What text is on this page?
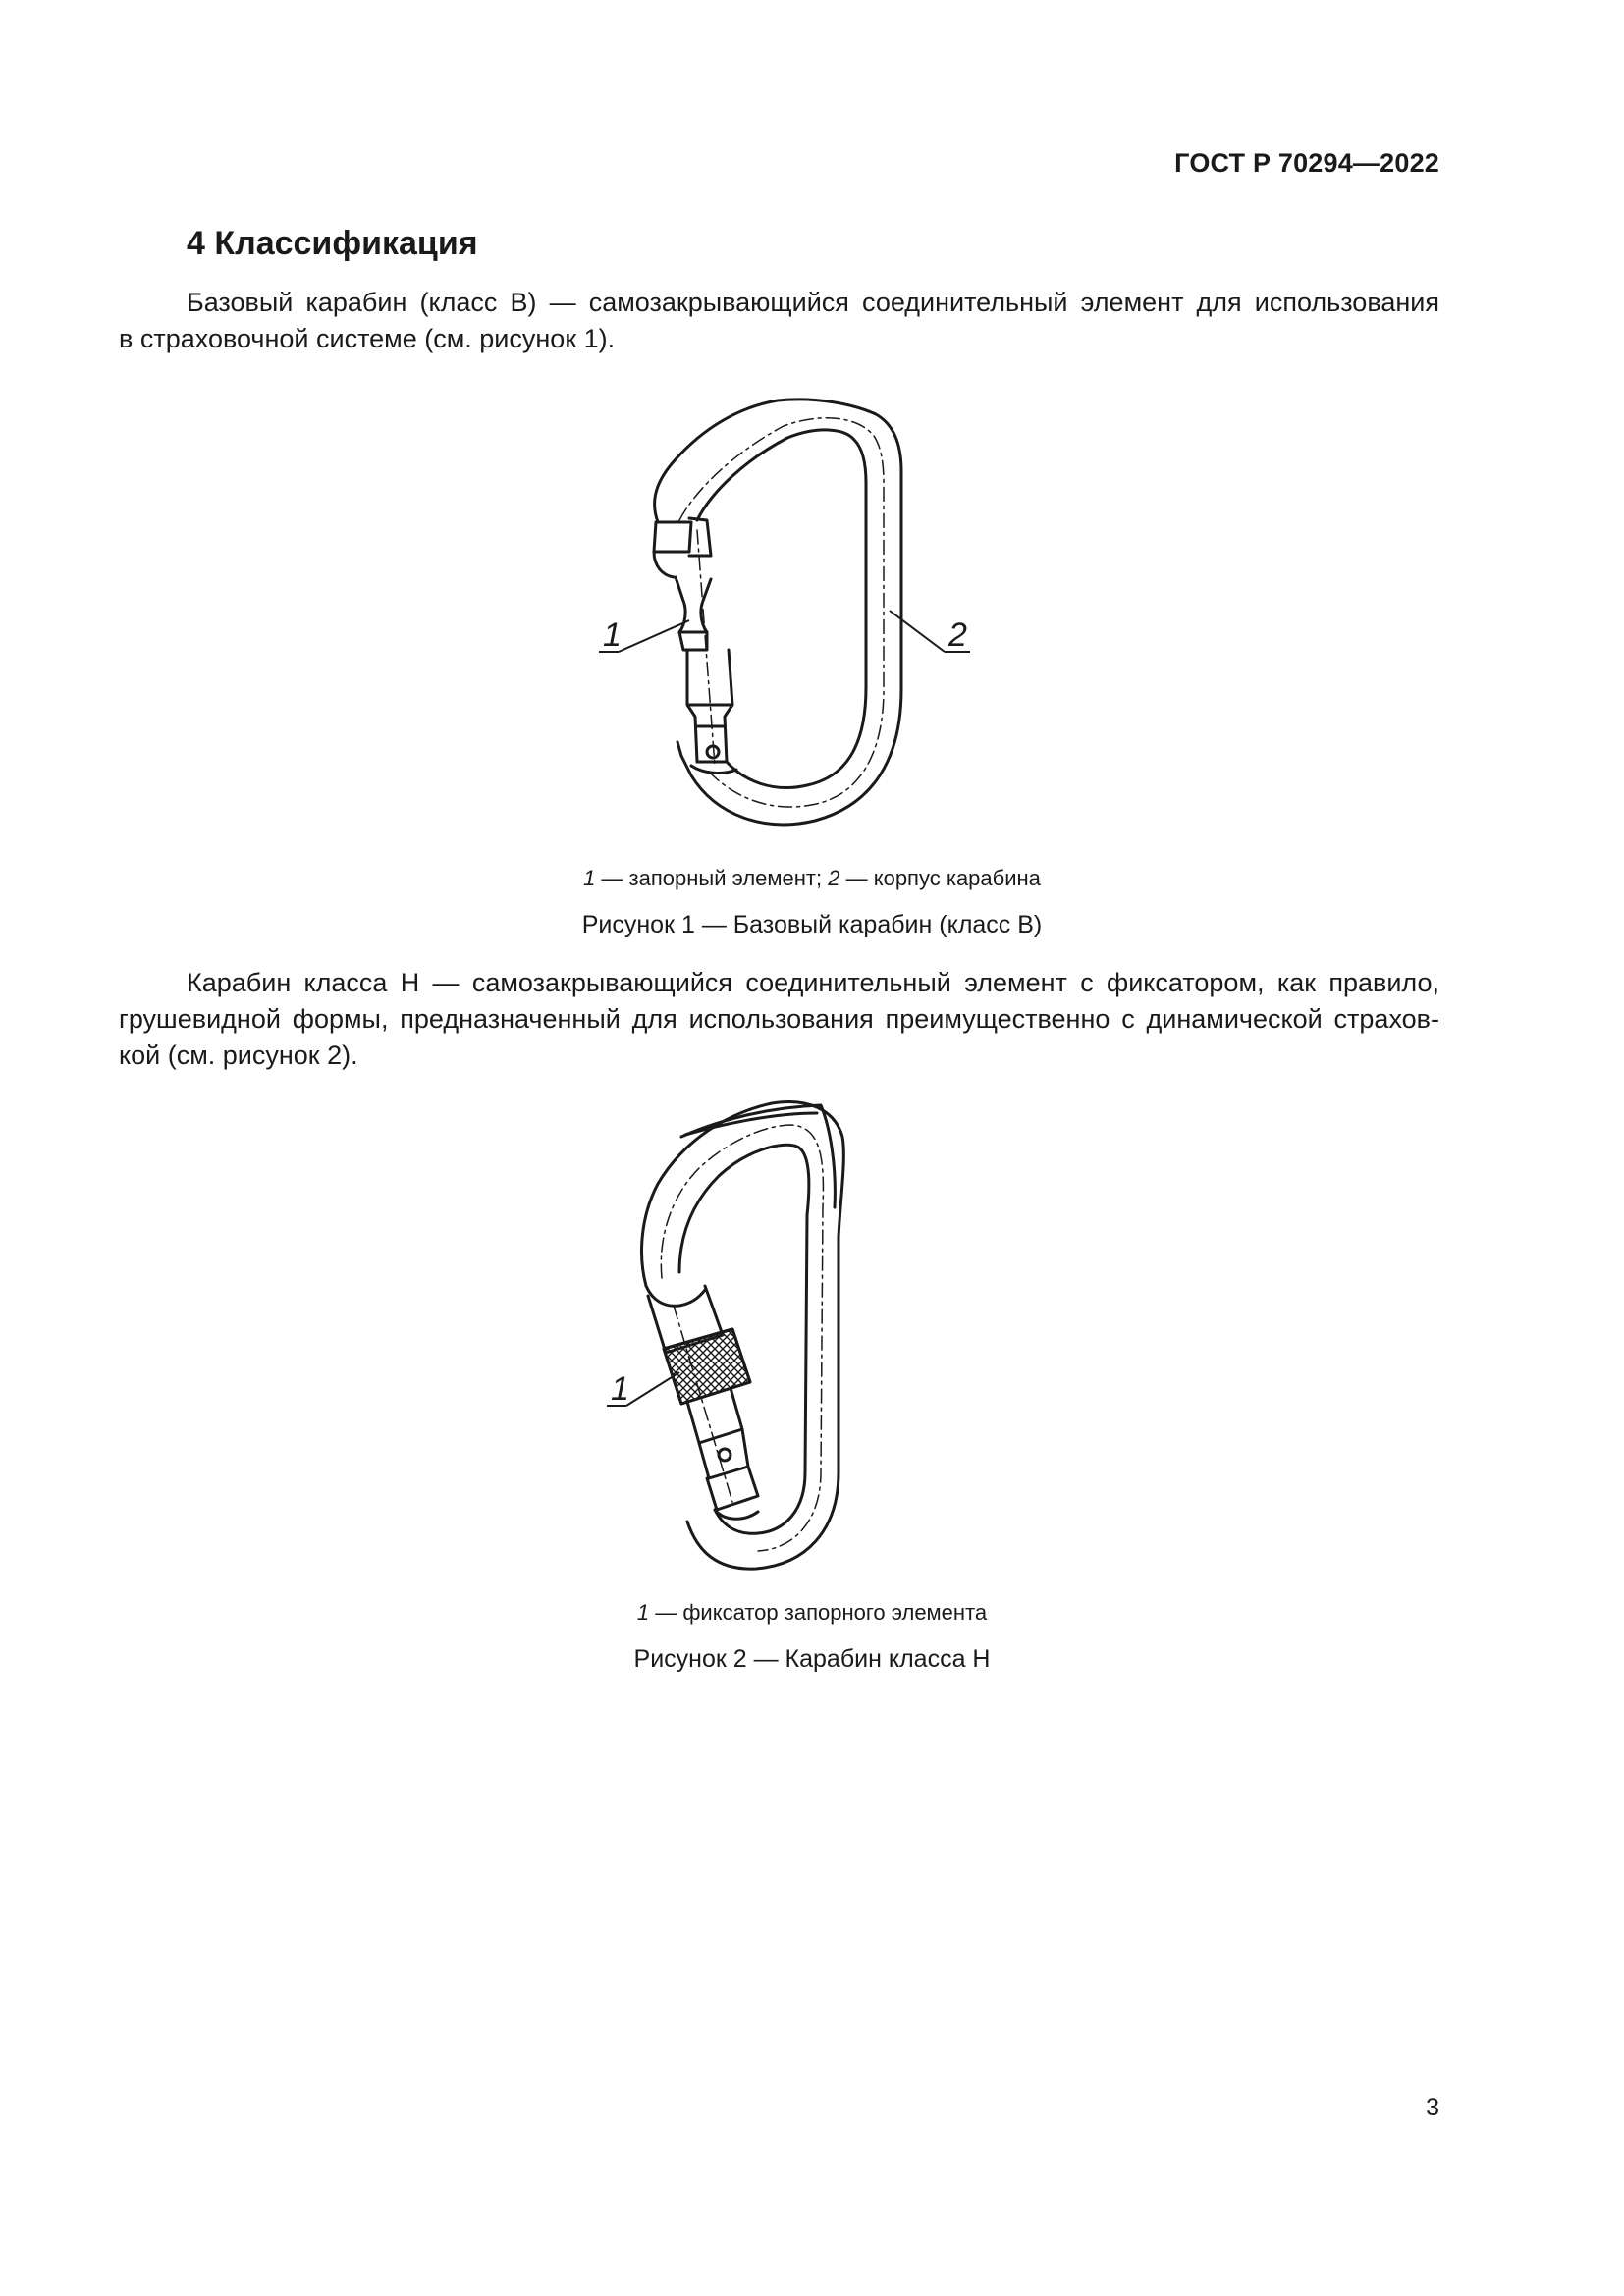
ГОСТ Р 70294—2022
4 Классификация
Базовый карабин (класс В) — самозакрывающийся соединительный элемент для использования
в страховочной системе (см. рисунок 1).
1	2
1 — запорный элемент; 2 — корпус карабина
Рисунок 1 — Базовый карабин (класс В)
Карабин класса Н — самозакрывающийся соединительный элемент с фиксатором, как правило,
грушевидной формы, предназначенный для использования преимущественно с динамической страхов-
кой (см. рисунок 2).
1
1 — фиксатор запорного элемента
Рисунок 2 — Карабин класса Н
3
